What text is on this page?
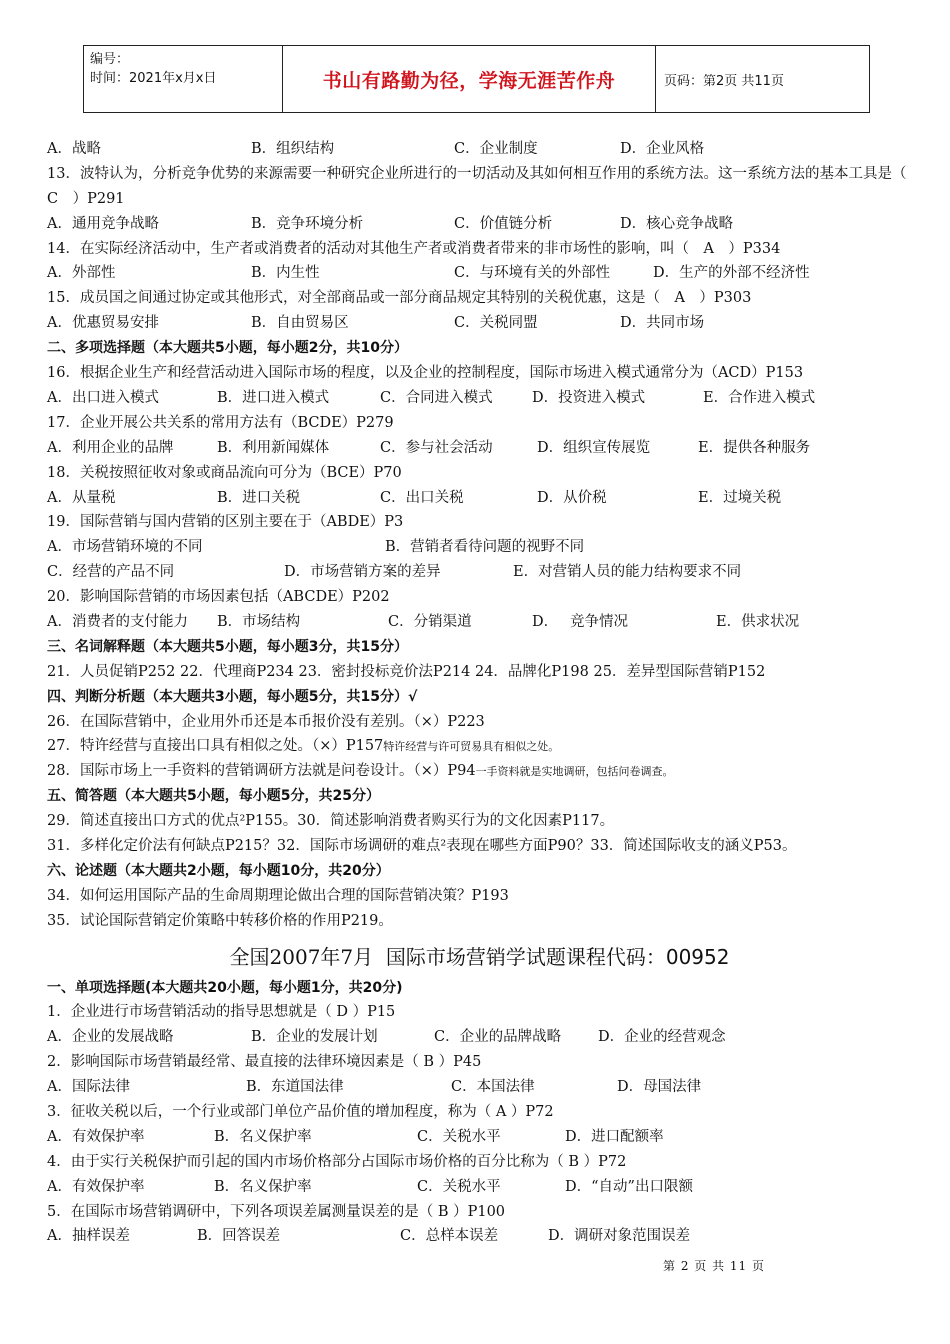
编号：
时间：2021年x月x日	书山有路勤为径，学海无涯苦作舟	页码：第2页 共11页
A．战略	B．组织结构	C．企业制度	D．企业风格
13．波特认为，分析竞争优势的来源需要一种研究企业所进行的一切活动及其如何相互作用的系统方法。这一系统方法的基本工具是（　C　）P291
A．通用竞争战略	B．竞争环境分析	C．价值链分析	D．核心竞争战略
14．在实际经济活动中，生产者或消费者的活动对其他生产者或消费者带来的非市场性的影响，叫（　A　）P334
A．外部性	B．内生性	C．与环境有关的外部性	D．生产的外部不经济性
15．成员国之间通过协定或其他形式，对全部商品或一部分商品规定其特别的关税优惠，这是（　A　）P303
A．优惠贸易安排	B．自由贸易区	C．关税同盟	D．共同市场
二、多项选择题（本大题共5小题，每小题2分，共10分）
16．根据企业生产和经营活动进入国际市场的程度，以及企业的控制程度，国际市场进入模式通常分为（ACD）P153
A．出口进入模式	B．进口进入模式	C．合同进入模式	D．投资进入模式	E．合作进入模式
17．企业开展公共关系的常用方法有（BCDE）P279
A．利用企业的品牌	B．利用新闻媒体	C．参与社会活动	D．组织宣传展览	E．提供各种服务
18．关税按照征收对象或商品流向可分为（BCE）P70
A．从量税	B．进口关税	C．出口关税	D．从价税	E．过境关税
19．国际营销与国内营销的区别主要在于（ABDE）P3
A．市场营销环境的不同	B．营销者看待问题的视野不同
C．经营的产品不同	D．市场营销方案的差异	E．对营销人员的能力结构要求不同
20．影响国际营销的市场因素包括（ABCDE）P202
A．消费者的支付能力 B．市场结构	C．分销渠道	D．　 竞争情况	E．供求状况
三、名词解释题（本大题共5小题，每小题3分，共15分）
21．人员促销P252 22．代理商P234 23．密封投标竞价法P214 24．品牌化P198 25．差异型国际营销P152
四、判断分析题（本大题共3小题，每小题5分，共15分）√
26．在国际营销中，企业用外币还是本币报价没有差别。（×）P223
27．特许经营与直接出口具有相似之处。（×）P157特许经营与许可贸易具有相似之处。
28．国际市场上一手资料的营销调研方法就是问卷设计。（×）P94一手资料就是实地调研，包括问卷调查。
五、简答题（本大题共5小题，每小题5分，共25分）
29．简述直接出口方式的优点²P155。30．简述影响消费者购买行为的文化因素P117。
31．多样化定价法有何缺点P215？32．国际市场调研的难点²表现在哪些方面P90？33．简述国际收支的涵义P53。
六、论述题（本大题共2小题，每小题10分，共20分）
34．如何运用国际产品的生命周期理论做出合理的国际营销决策？P193
35．试论国际营销定价策略中转移价格的作用P219。
全国2007年7月 国际市场营销学试题课程代码：00952
一、单项选择题(本大题共20小题，每小题1分，共20分)
1．企业进行市场营销活动的指导思想就是（ D ）P15
A．企业的发展战略	B．企业的发展计划	C．企业的品牌战略	D．企业的经营观念
2．影响国际市场营销最经常、最直接的法律环境因素是（ B ）P45
A．国际法律	B．东道国法律	C．本国法律	D．母国法律
3．征收关税以后，一个行业或部门单位产品价值的增加程度，称为（ A ）P72
A．有效保护率	B．名义保护率	C．关税水平	D．进口配额率
4．由于实行关税保护而引起的国内市场价格部分占国际市场价格的百分比称为（ B ）P72
A．有效保护率	B．名义保护率	C．关税水平	D．“自动”出口限额
5．在国际市场营销调研中，下列各项误差属测量误差的是（ B ）P100
A．抽样误差	B．回答误差	C．总样本误差	D．调研对象范围误差
第 2 页 共 11 页
